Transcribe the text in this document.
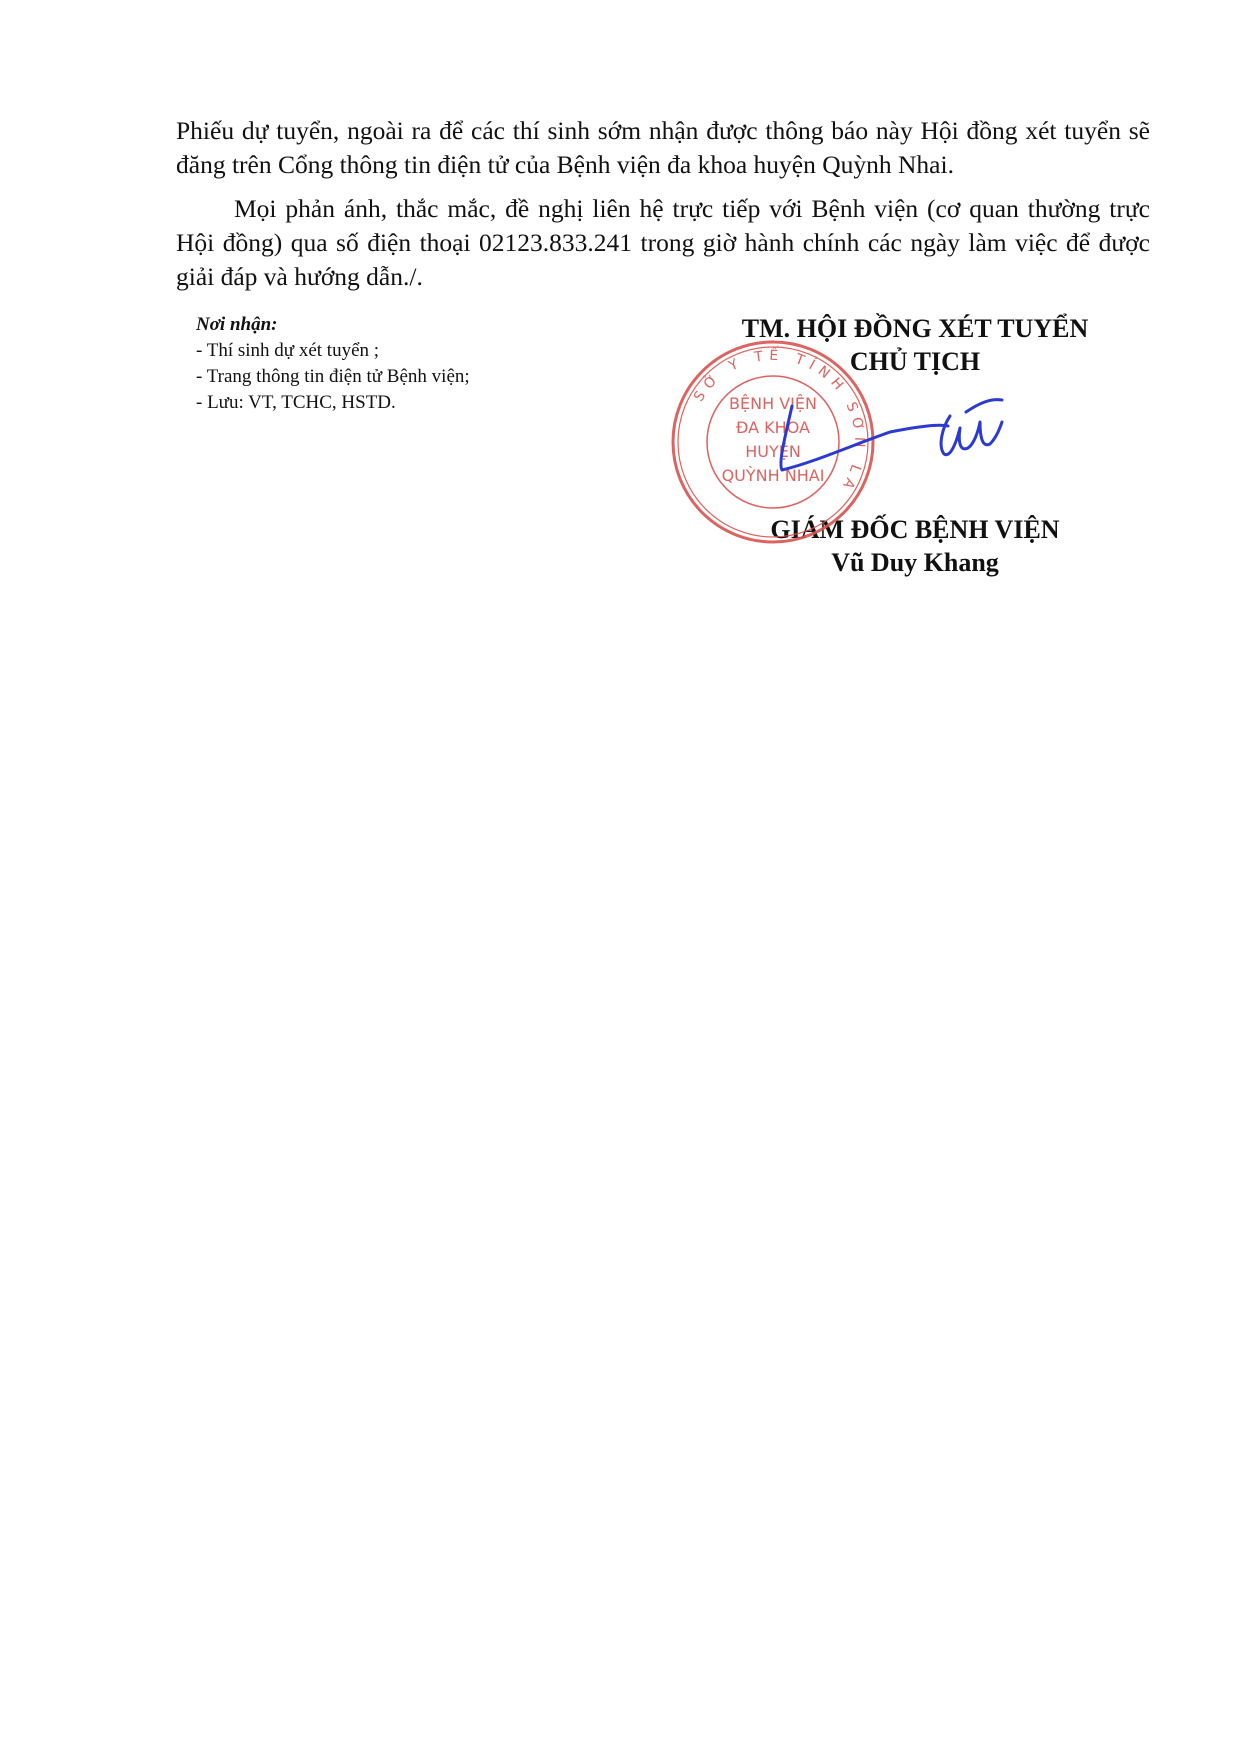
Phiếu dự tuyển, ngoài ra để các thí sinh sớm nhận được thông báo này Hội đồng xét tuyển sẽ đăng trên Cổng thông tin điện tử của Bệnh viện đa khoa huyện Quỳnh Nhai.

Mọi phản ánh, thắc mắc, đề nghị liên hệ trực tiếp với Bệnh viện (cơ quan thường trực Hội đồng) qua số điện thoại 02123.833.241 trong giờ hành chính các ngày làm việc để được giải đáp và hướng dẫn./.

Nơi nhận:
- Thí sinh dự xét tuyển ;
- Trang thông tin điện tử Bệnh viện;
- Lưu: VT, TCHC, HSTD.
TM. HỘI ĐỒNG XÉT TUYỂN
CHỦ TỊCH
GIÁM ĐỐC BỆNH VIỆN
Vũ Duy Khang
SỞ Y TẾ TỈNH SƠN LA
BỆNH VIỆN
ĐA KHOA
HUYỆN
QUỲNH NHAI
